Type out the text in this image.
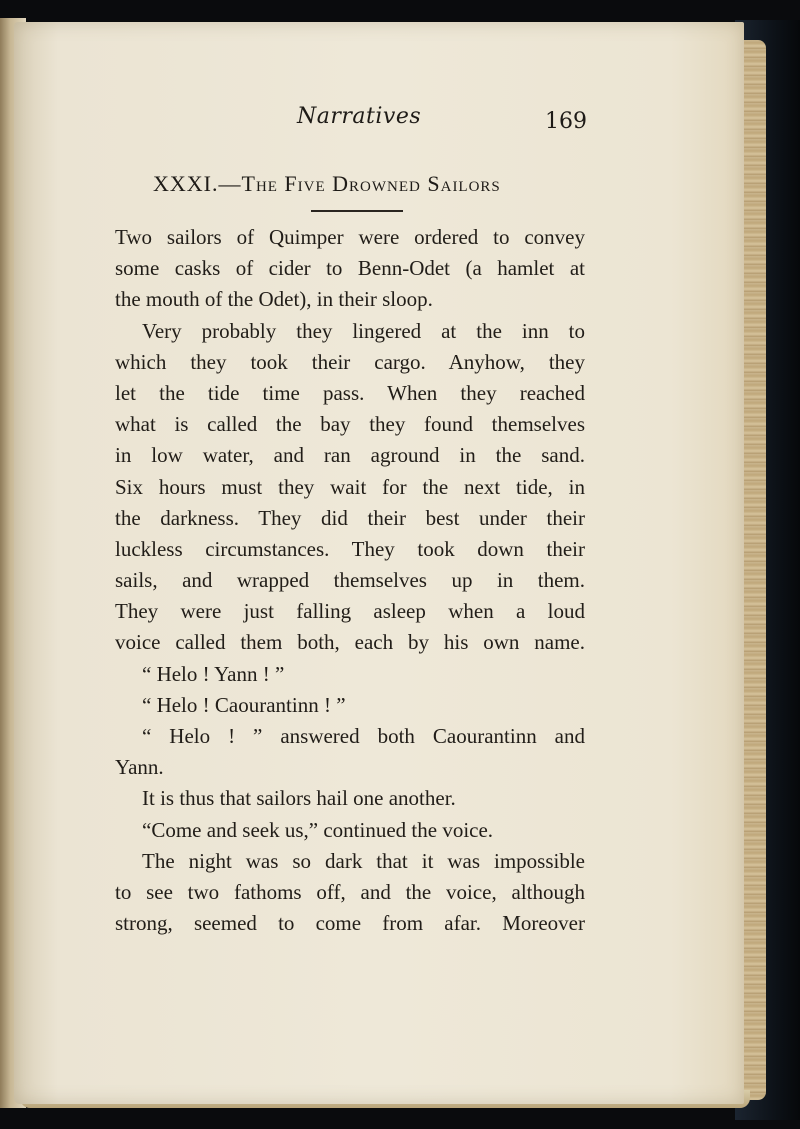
Narratives	169
XXXI.—The Five Drowned Sailors
Two sailors of Quimper were ordered to convey
some casks of cider to Benn-Odet (a hamlet at
the mouth of the Odet), in their sloop.
Very probably they lingered at the inn to
which they took their cargo. Anyhow, they
let the tide time pass. When they reached
what is called the bay they found themselves
in low water, and ran aground in the sand.
Six hours must they wait for the next tide, in
the darkness. They did their best under their
luckless circumstances. They took down their
sails, and wrapped themselves up in them.
They were just falling asleep when a loud
voice called them both, each by his own name.
“ Helo ! Yann ! ”
“ Helo ! Caourantinn ! ”
“ Helo ! ” answered both Caourantinn and
Yann.
It is thus that sailors hail one another.
“Come and seek us,” continued the voice.
The night was so dark that it was impossible
to see two fathoms off, and the voice, although
strong, seemed to come from afar. Moreover
